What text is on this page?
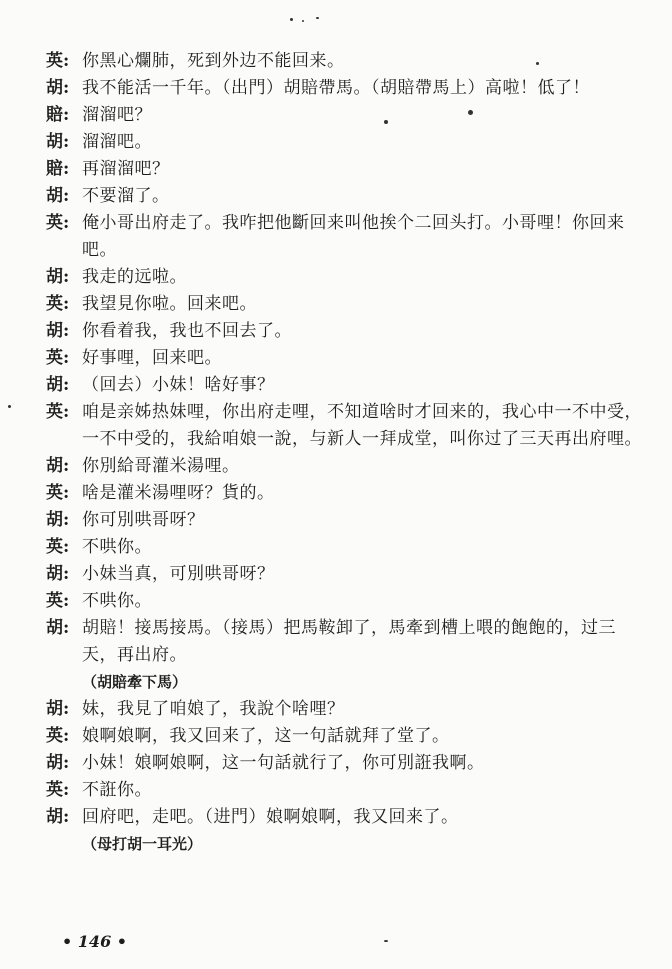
英: 你黑心爛肺，死到外边不能回来。
胡: 我不能活一千年。（出門）胡賠帶馬。（胡賠帶馬上）高啦！低了！
賠: 溜溜吧？
胡: 溜溜吧。
賠: 再溜溜吧？
胡: 不要溜了。
英: 俺小哥出府走了。我咋把他斷回来叫他挨个二回头打。小哥哩！你回来吧。
胡: 我走的远啦。
英: 我望見你啦。回来吧。
胡: 你看着我，我也不回去了。
英: 好事哩，回来吧。
胡: （回去）小妹！啥好事？
英: 咱是亲姊热妹哩，你出府走哩，不知道啥时才回来的，我心中一不中受，一不中受的，我給咱娘一說，与新人一拜成堂，叫你过了三天再出府哩。
胡: 你別給哥灌米湯哩。
英: 啥是灌米湯哩呀？貨的。
胡: 你可別哄哥呀？
英: 不哄你。
胡: 小妹当真，可別哄哥呀？
英: 不哄你。
胡: 胡賠！接馬接馬。（接馬）把馬鞍卸了，馬牽到槽上喂的飽飽的，过三天，再出府。
（胡賠牽下馬）
胡: 妹，我見了咱娘了，我說个啥哩？
英: 娘啊娘啊，我又回来了，这一句話就拜了堂了。
胡: 小妹！娘啊娘啊，这一句話就行了，你可別誑我啊。
英: 不誑你。
胡: 回府吧，走吧。（进門）娘啊娘啊，我又回来了。
（母打胡一耳光）
• 146 •
